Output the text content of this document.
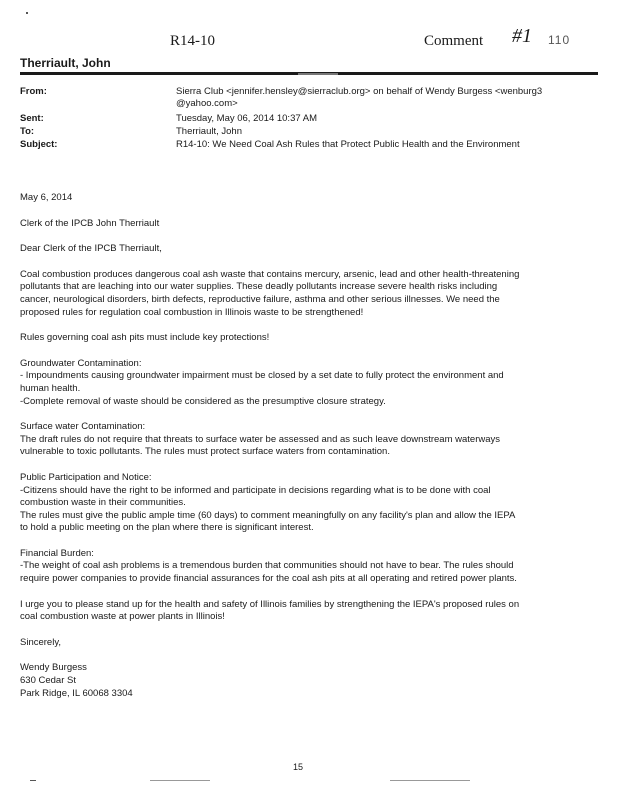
R14-10	Comment #1 110
Therriault, John
From:	Sierra Club <jennifer.hensley@sierraclub.org> on behalf of Wendy Burgess <wenburg3
@yahoo.com>
Sent:	Tuesday, May 06, 2014 10:37 AM
To:	Therriault, John
Subject:	R14-10: We Need Coal Ash Rules that Protect Public Health and the Environment

May 6, 2014

Clerk of the IPCB John Therriault

Dear Clerk of the IPCB Therriault,

Coal combustion produces dangerous coal ash waste that contains mercury, arsenic, lead and other health-threatening
pollutants that are leaching into our water supplies. These deadly pollutants increase severe health risks including
cancer, neurological disorders, birth defects, reproductive failure, asthma and other serious illnesses. We need the
proposed rules for regulation coal combustion in Illinois waste to be strengthened!

Rules governing coal ash pits must include key protections!

Groundwater Contamination:
- Impoundments causing groundwater impairment must be closed by a set date to fully protect the environment and
human health.
-Complete removal of waste should be considered as the presumptive closure strategy.

Surface water Contamination:
The draft rules do not require that threats to surface water be assessed and as such leave downstream waterways
vulnerable to toxic pollutants. The rules must protect surface waters from contamination.

Public Participation and Notice:
-Citizens should have the right to be informed and participate in decisions regarding what is to be done with coal
combustion waste in their communities.
The rules must give the public ample time (60 days) to comment meaningfully on any facility's plan and allow the IEPA
to hold a public meeting on the plan where there is significant interest.

Financial Burden:
-The weight of coal ash problems is a tremendous burden that communities should not have to bear. The rules should
require power companies to provide financial assurances for the coal ash pits at all operating and retired power plants.

I urge you to please stand up for the health and safety of Illinois families by strengthening the IEPA's proposed rules on
coal combustion waste at power plants in Illinois!

Sincerely,

Wendy Burgess
630 Cedar St
Park Ridge, IL 60068 3304

15
